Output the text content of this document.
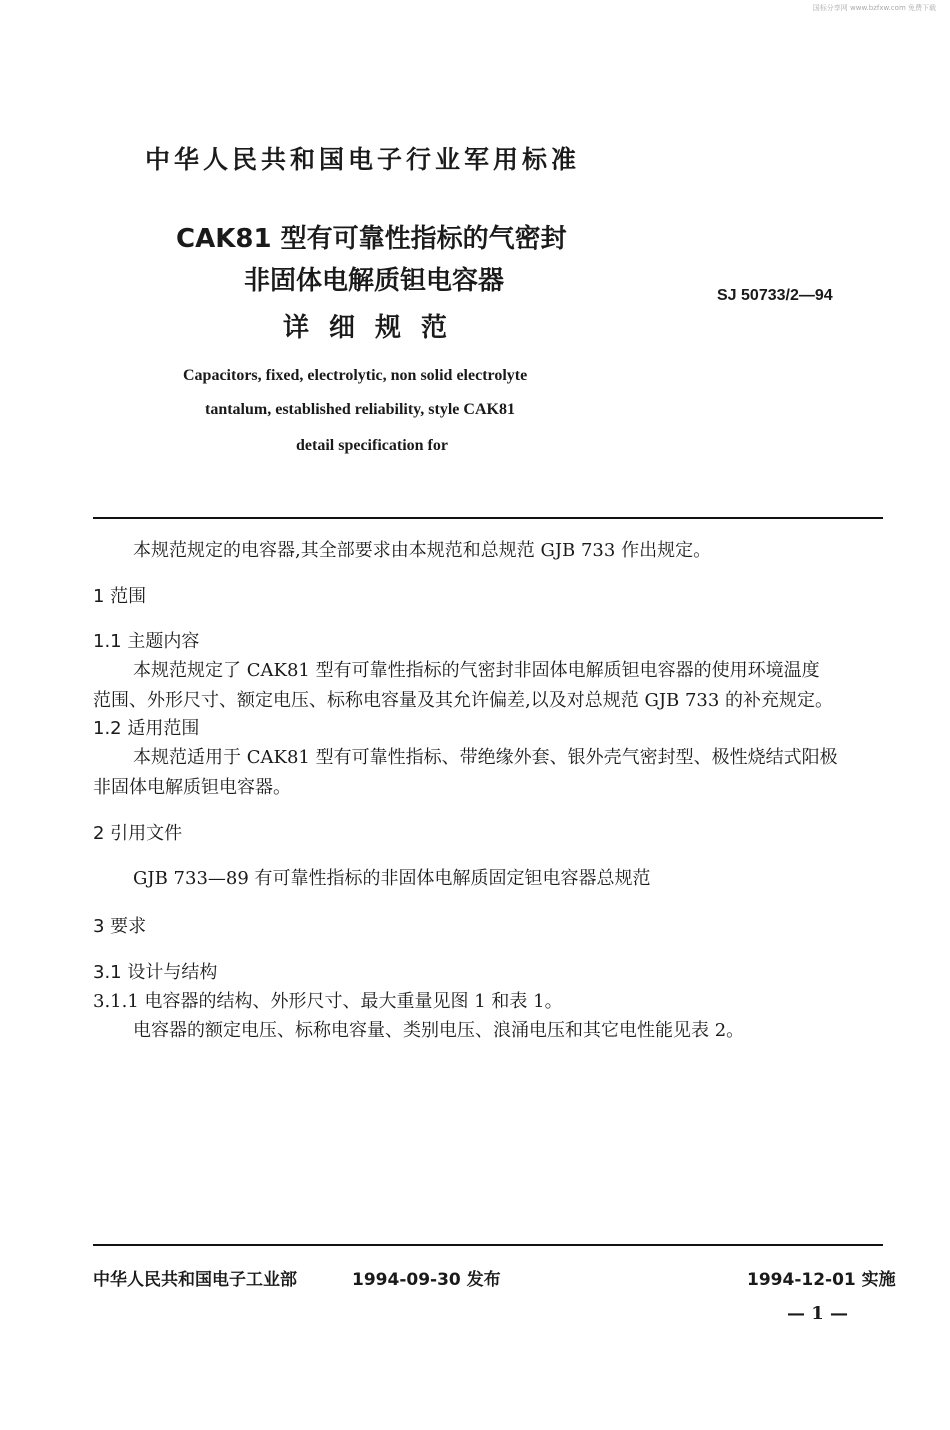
国标分享网 www.bzfxw.com 免费下载
中华人民共和国电子行业军用标准
CAK81 型有可靠性指标的气密封
非固体电解质钽电容器
详细规范
SJ 50733/2—94
Capacitors, fixed, electrolytic, non solid electrolyte
tantalum, established reliability, style CAK81
detail specification for
本规范规定的电容器,其全部要求由本规范和总规范 GJB 733 作出规定。
1 范围
1.1 主题内容
本规范规定了 CAK81 型有可靠性指标的气密封非固体电解质钽电容器的使用环境温度
范围、外形尺寸、额定电压、标称电容量及其允许偏差,以及对总规范 GJB 733 的补充规定。
1.2 适用范围
本规范适用于 CAK81 型有可靠性指标、带绝缘外套、银外壳气密封型、极性烧结式阳极
非固体电解质钽电容器。
2 引用文件
GJB 733—89 有可靠性指标的非固体电解质固定钽电容器总规范
3 要求
3.1 设计与结构
3.1.1 电容器的结构、外形尺寸、最大重量见图 1 和表 1。
电容器的额定电压、标称电容量、类别电压、浪涌电压和其它电性能见表 2。
中华人民共和国电子工业部	1994-09-30 发布	1994-12-01 实施
— 1 —
